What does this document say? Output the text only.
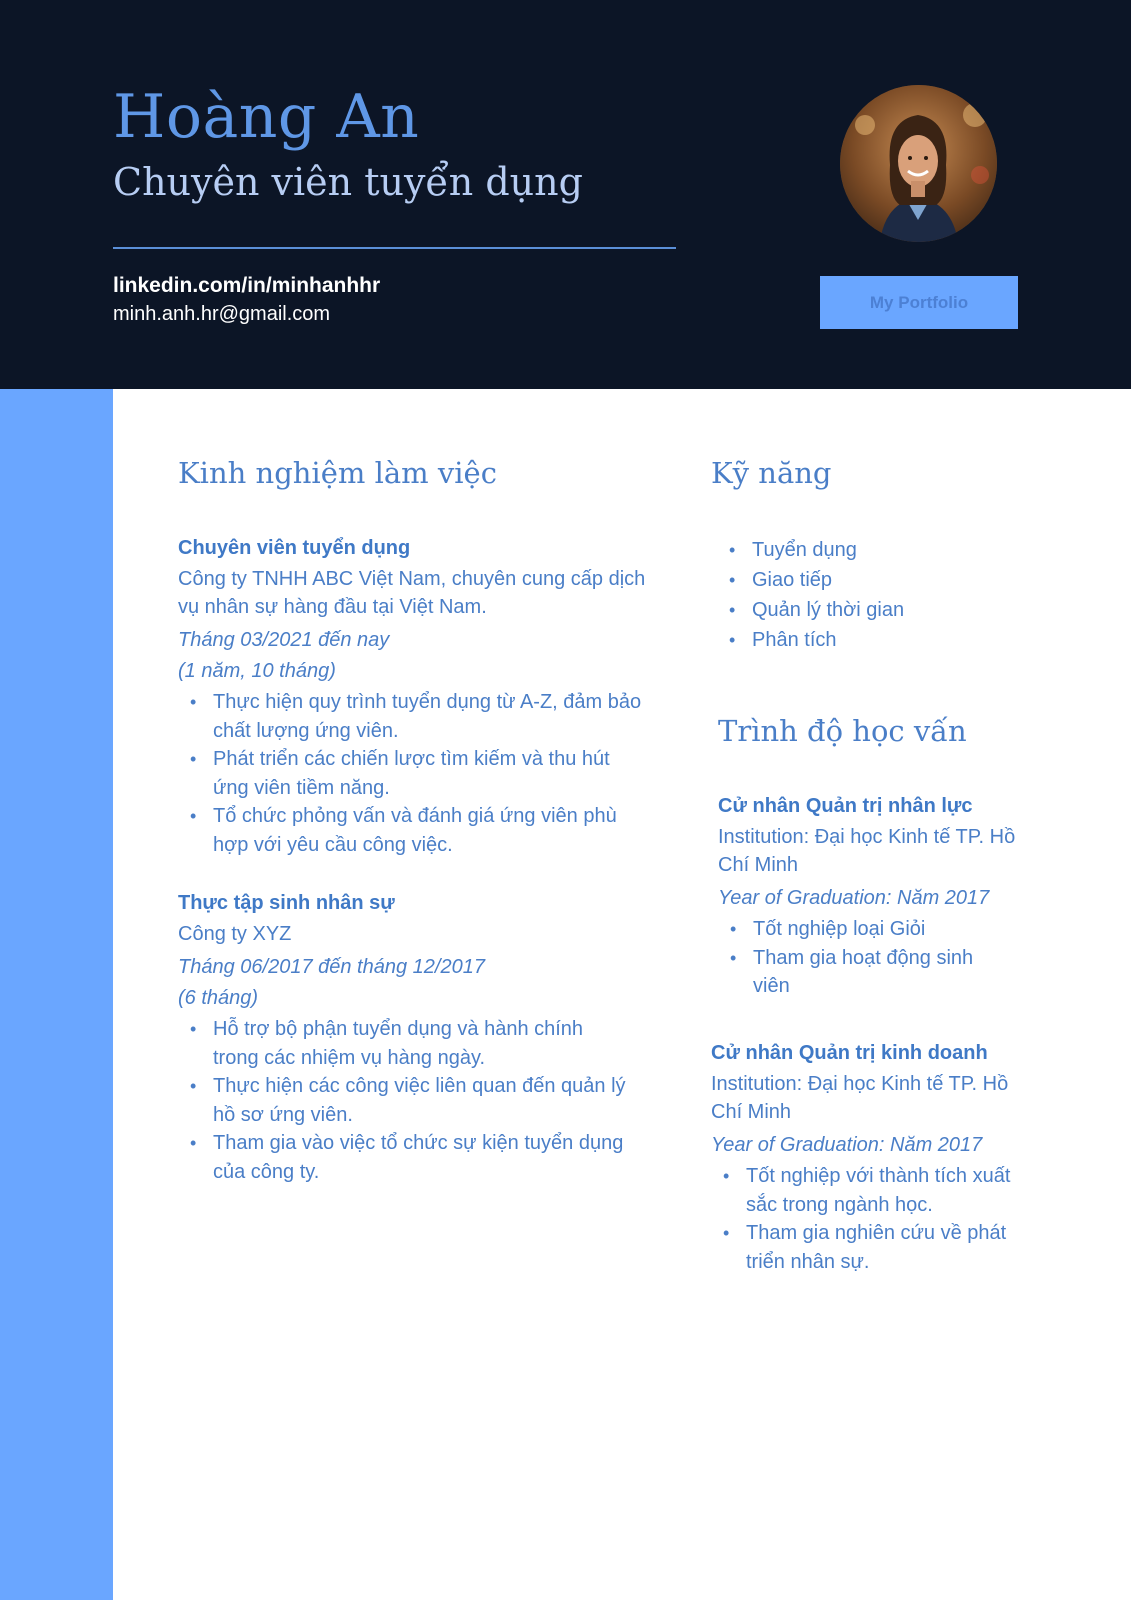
Hoàng An
Chuyên viên tuyển dụng
linkedin.com/in/minhanhhr
minh.anh.hr@gmail.com
My Portfolio
Kinh nghiệm làm việc
Chuyên viên tuyển dụng
Công ty TNHH ABC Việt Nam, chuyên cung cấp dịch vụ nhân sự hàng đầu tại Việt Nam.
Tháng 03/2021 đến nay
(1 năm, 10 tháng)
• Thực hiện quy trình tuyển dụng từ A-Z, đảm bảo chất lượng ứng viên.
• Phát triển các chiến lược tìm kiếm và thu hút ứng viên tiềm năng.
• Tổ chức phỏng vấn và đánh giá ứng viên phù hợp với yêu cầu công việc.
Thực tập sinh nhân sự
Công ty XYZ
Tháng 06/2017 đến tháng 12/2017
(6 tháng)
• Hỗ trợ bộ phận tuyển dụng và hành chính trong các nhiệm vụ hàng ngày.
• Thực hiện các công việc liên quan đến quản lý hồ sơ ứng viên.
• Tham gia vào việc tổ chức sự kiện tuyển dụng của công ty.
Kỹ năng
• Tuyển dụng
• Giao tiếp
• Quản lý thời gian
• Phân tích
Trình độ học vấn
Cử nhân Quản trị nhân lực
Institution: Đại học Kinh tế TP. Hồ Chí Minh
Year of Graduation: Năm 2017
• Tốt nghiệp loại Giỏi
• Tham gia hoạt động sinh viên
Cử nhân Quản trị kinh doanh
Institution: Đại học Kinh tế TP. Hồ Chí Minh
Year of Graduation: Năm 2017
• Tốt nghiệp với thành tích xuất sắc trong ngành học.
• Tham gia nghiên cứu về phát triển nhân sự.
